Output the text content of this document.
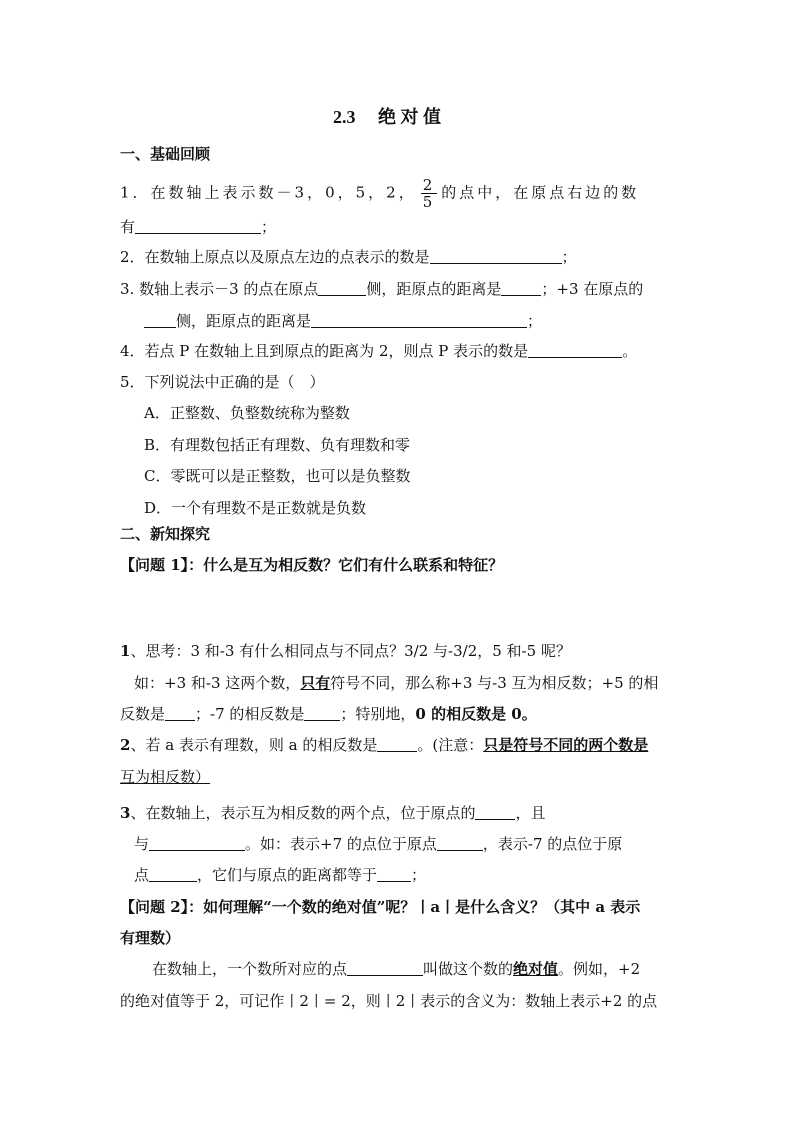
2.3　 绝 对 值
一、基础回顾
1．在数轴上表示数－3，0，5，2， $\frac{2}{5}$ 的点中，在原点右边的数
有	；
2．在数轴上原点以及原点左边的点表示的数是	；
3. 数轴上表示－3 的点在原点	侧，距原点的距离是	；+3 在原点的
侧，距原点的距离是	；
4．若点 P 在数轴上且到原点的距离为 2，则点 P 表示的数是	。
5．下列说法中正确的是（　）
A．正整数、负整数统称为整数
B．有理数包括正有理数、负有理数和零
C．零既可以是正整数，也可以是负整数
D．一个有理数不是正数就是负数
二、新知探究
【问题 1】：什么是互为相反数？它们有什么联系和特征？
1、思考：3 和-3 有什么相同点与不同点？3/2 与-3/2，5 和-5 呢？
如：+3 和-3 这两个数，只有符号不同，那么称+3 与-3 互为相反数；+5 的相
反数是 ；-7 的相反数是 ；特别地，0 的相反数是 0。
2、若 a 表示有理数，则 a 的相反数是	。(注意：只是符号不同的两个数是
互为相反数）
3、在数轴上，表示互为相反数的两个点，位于原点的	，且
与	。如：表示+7 的点位于原点	，表示-7 的点位于原
点	，它们与原点的距离都等于 ；
【问题 2】：如何理解“一个数的绝对值”呢？丨a丨是什么含义？（其中 a 表示
有理数）
在数轴上，一个数所对应的点	叫做这个数的绝对值。例如，+2
的绝对值等于 2，可记作丨2丨= 2，则丨2丨表示的含义为：数轴上表示+2 的点
